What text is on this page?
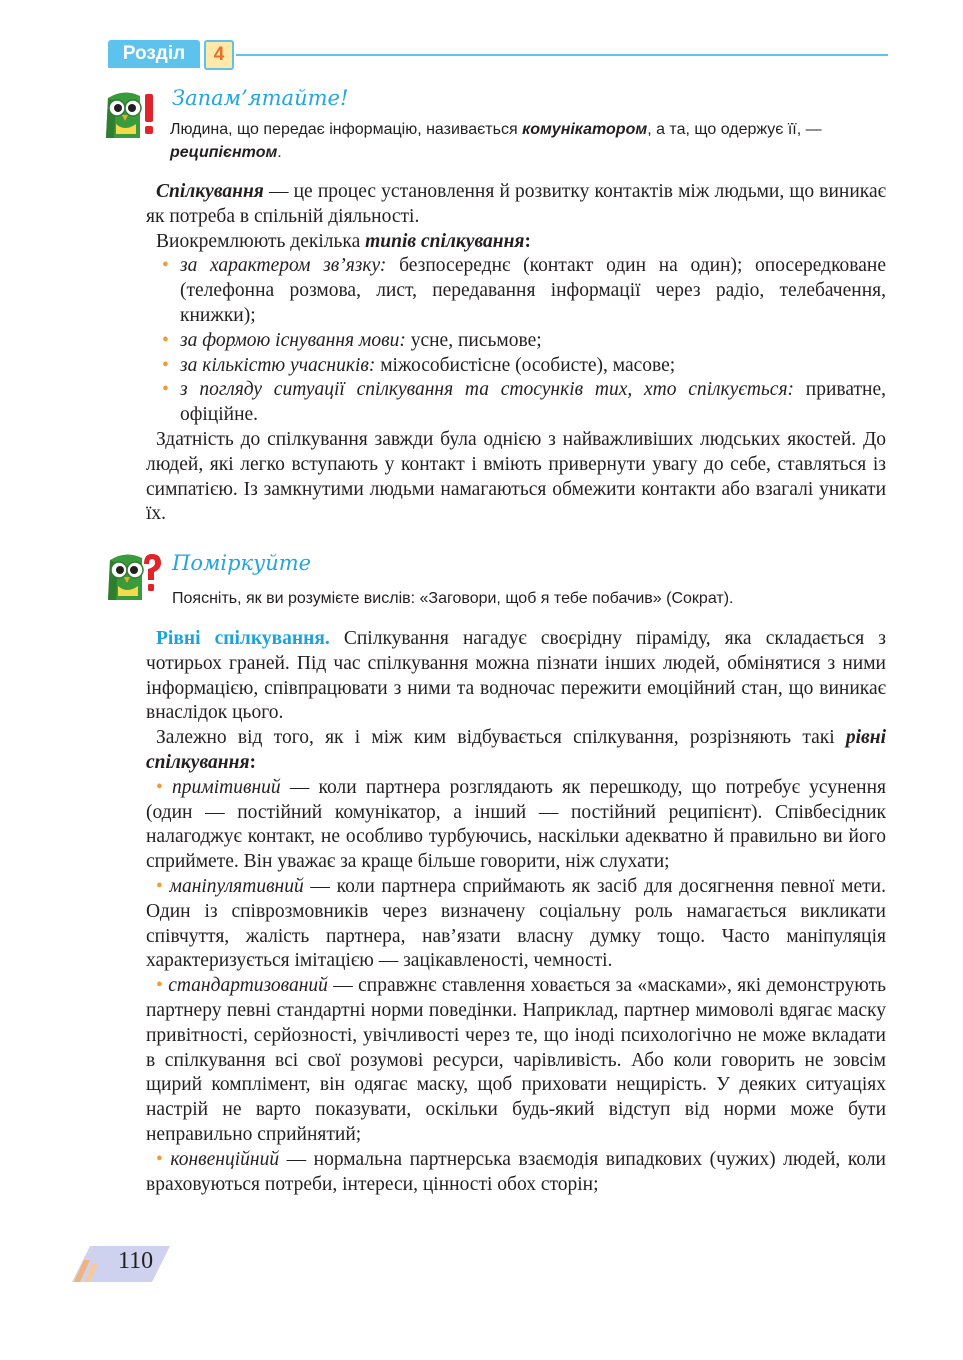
Розділ	4
Запам’ятайте!
Людина, що передає інформацію, називається комунікатором, а та, що одержує її, — реципієнтом.

Спілкування — це процес установлення й розвитку контактів між людьми, що виникає як потреба в спільній діяльності.

Виокремлюють декілька типів спілкування:

• за характером зв’язку: безпосереднє (контакт один на один); опосередковане (телефонна розмова, лист, передавання інформації через радіо, телебачення, книжки);
• за формою існування мови: усне, письмове;
• за кількістю учасників: міжособистісне (особисте), масове;
• з погляду ситуації спілкування та стосунків тих, хто спілкується: приватне, офіційне.

Здатність до спілкування завжди була однією з найважливіших людських якостей. До людей, які легко вступають у контакт і вміють привернути увагу до себе, ставляться із симпатією. Із замкнутими людьми намагаються обмежити контакти або взагалі уникати їх.

Поміркуйте
Поясніть, як ви розумієте вислів: «Заговори, щоб я тебе побачив» (Сократ).

Рівні спілкування. Спілкування нагадує своєрідну піраміду, яка складається з чотирьох граней. Під час спілкування можна пізнати інших людей, обмінятися з ними інформацією, співпрацювати з ними та водночас пережити емоційний стан, що виникає внаслідок цього.

Залежно від того, як і між ким відбувається спілкування, розрізняють такі рівні спілкування:

• примітивний — коли партнера розглядають як перешкоду, що потребує усунення (один — постійний комунікатор, а інший — постійний реципієнт). Співбесідник налагоджує контакт, не особливо турбуючись, наскільки адекватно й правильно ви його сприймете. Він уважає за краще більше говорити, ніж слухати;

• маніпулятивний — коли партнера сприймають як засіб для досягнення певної мети. Один із співрозмовників через визначену соціальну роль намагається викликати співчуття, жалість партнера, нав’язати власну думку тощо. Часто маніпуляція характеризується імітацією — зацікавленості, чемності.

• стандартизований — справжнє ставлення ховається за «масками», які демонструють партнеру певні стандартні норми поведінки. Наприклад, партнер мимоволі вдягає маску привітності, серйозності, увічливості через те, що іноді психологічно не може вкладати в спілкування всі свої розумові ресурси, чарівливість. Або коли говорить не зовсім щирий комплімент, він одягає маску, щоб приховати нещирість. У деяких ситуаціях настрій не варто показувати, оскільки будь-який відступ від норми може бути неправильно сприйнятий;

• конвенційний — нормальна партнерська взаємодія випадкових (чужих) людей, коли враховуються потреби, інтереси, цінності обох сторін;

110
